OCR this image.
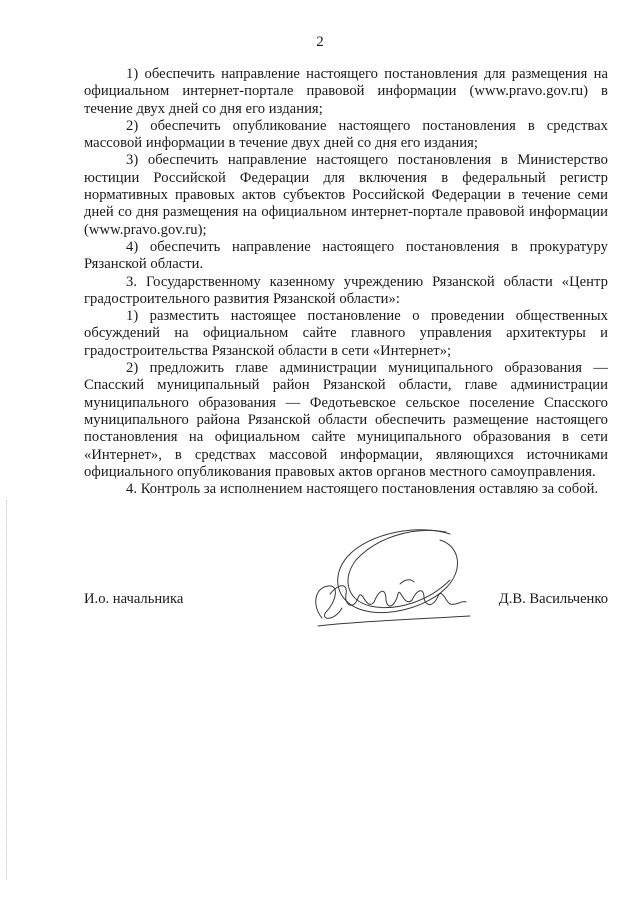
2

1) обеспечить направление настоящего постановления для размещения на официальном интернет-портале правовой информации (www.pravo.gov.ru) в течение двух дней со дня его издания;

2) обеспечить опубликование настоящего постановления в средствах массовой информации в течение двух дней со дня его издания;

3) обеспечить направление настоящего постановления в Министерство юстиции Российской Федерации для включения в федеральный регистр нормативных правовых актов субъектов Российской Федерации в течение семи дней со дня размещения на официальном интернет-портале правовой информации (www.pravo.gov.ru);

4) обеспечить направление настоящего постановления в прокуратуру Рязанской области.

3. Государственному казенному учреждению Рязанской области «Центр градостроительного развития Рязанской области»:

1) разместить настоящее постановление о проведении общественных обсуждений на официальном сайте главного управления архитектуры и градостроительства Рязанской области в сети «Интернет»;

2) предложить главе администрации муниципального образования — Спасский муниципальный район Рязанской области, главе администрации муниципального образования — Федотьевское сельское поселение Спасского муниципального района Рязанской области обеспечить размещение настоящего постановления на официальном сайте муниципального образования в сети «Интернет», в средствах массовой информации, являющихся источниками официального опубликования правовых актов органов местного самоуправления.

4. Контроль за исполнением настоящего постановления оставляю за собой.

И.о. начальника	Д.В. Васильченко
